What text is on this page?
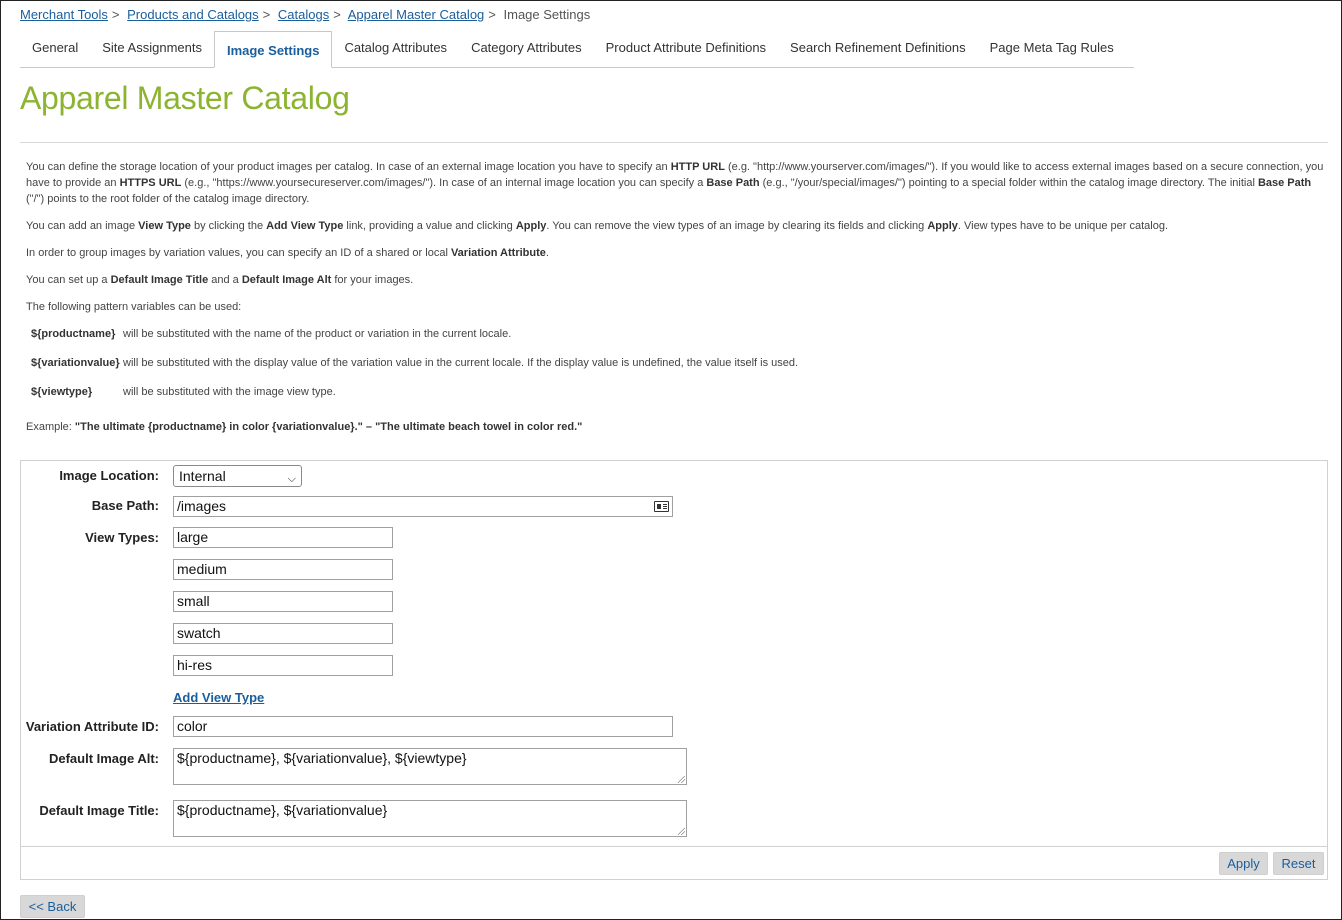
Merchant Tools > Products and Catalogs > Catalogs > Apparel Master Catalog > Image Settings
General	Site Assignments	Image Settings	Catalog Attributes	Category Attributes	Product Attribute Definitions	Search Refinement Definitions	Page Meta Tag Rules
Apparel Master Catalog

You can define the storage location of your product images per catalog. In case of an external image location you have to specify an HTTP URL (e.g. "http://www.yourserver.com/images/"). If you would like to access external images based on a secure connection, you have to provide an HTTPS URL (e.g., "https://www.yoursecureserver.com/images/"). In case of an internal image location you can specify a Base Path (e.g., "/your/special/images/") pointing to a special folder within the catalog image directory. The initial Base Path ("/") points to the root folder of the catalog image directory.

You can add an image View Type by clicking the Add View Type link, providing a value and clicking Apply. You can remove the view types of an image by clearing its fields and clicking Apply. View types have to be unique per catalog.

In order to group images by variation values, you can specify an ID of a shared or local Variation Attribute.

You can set up a Default Image Title and a Default Image Alt for your images.

The following pattern variables can be used:

${productname}	will be substituted with the name of the product or variation in the current locale.
${variationvalue}	will be substituted with the display value of the variation value in the current locale. If the display value is undefined, the value itself is used.
${viewtype}	will be substituted with the image view type.

Example: "The ultimate {productname} in color {variationvalue}." – "The ultimate beach towel in color red."

Image Location:	Internal	⌵
Base Path: /images
View Types: large
medium
small
swatch
hi-res
Add View Type
Variation Attribute ID: color
Default Image Alt: ${productname}, ${variationvalue}, ${viewtype}
Default Image Title: ${productname}, ${variationvalue}
Apply	Reset
<< Back
